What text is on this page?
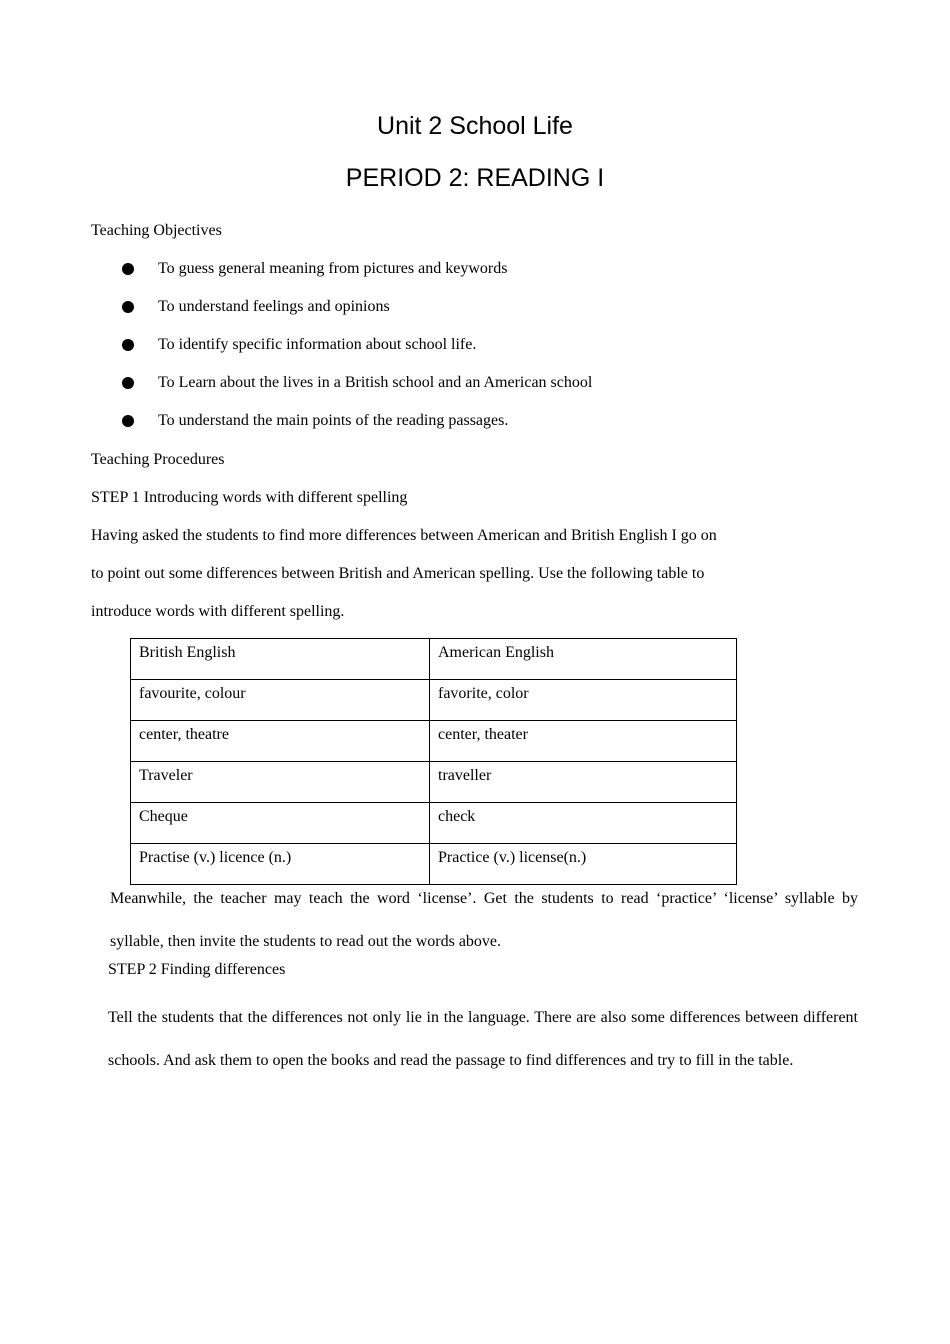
Unit 2 School Life
PERIOD 2: READING I
Teaching Objectives
To guess general meaning from pictures and keywords
To understand feelings and opinions
To identify specific information about school life.
To Learn about the lives in a British school and an American school
To understand the main points of the reading passages.
Teaching Procedures
STEP 1 Introducing words with different spelling
Having asked the students to find more differences between American and British English I go on
to point out some differences between British and American spelling. Use the following table to
introduce words with different spelling.
British English	American English
favourite, colour	favorite, color
center, theatre	center, theater
Traveler	traveller
Cheque	check
Practise (v.) licence (n.)	Practice (v.) license(n.)
Meanwhile, the teacher may teach the word ‘license’. Get the students to read ‘practice’ ‘license’ syllable by syllable, then invite the students to read out the words above.
STEP 2 Finding differences
Tell the students that the differences not only lie in the language. There are also some differences between different schools. And ask them to open the books and read the passage to find differences and try to fill in the table.
